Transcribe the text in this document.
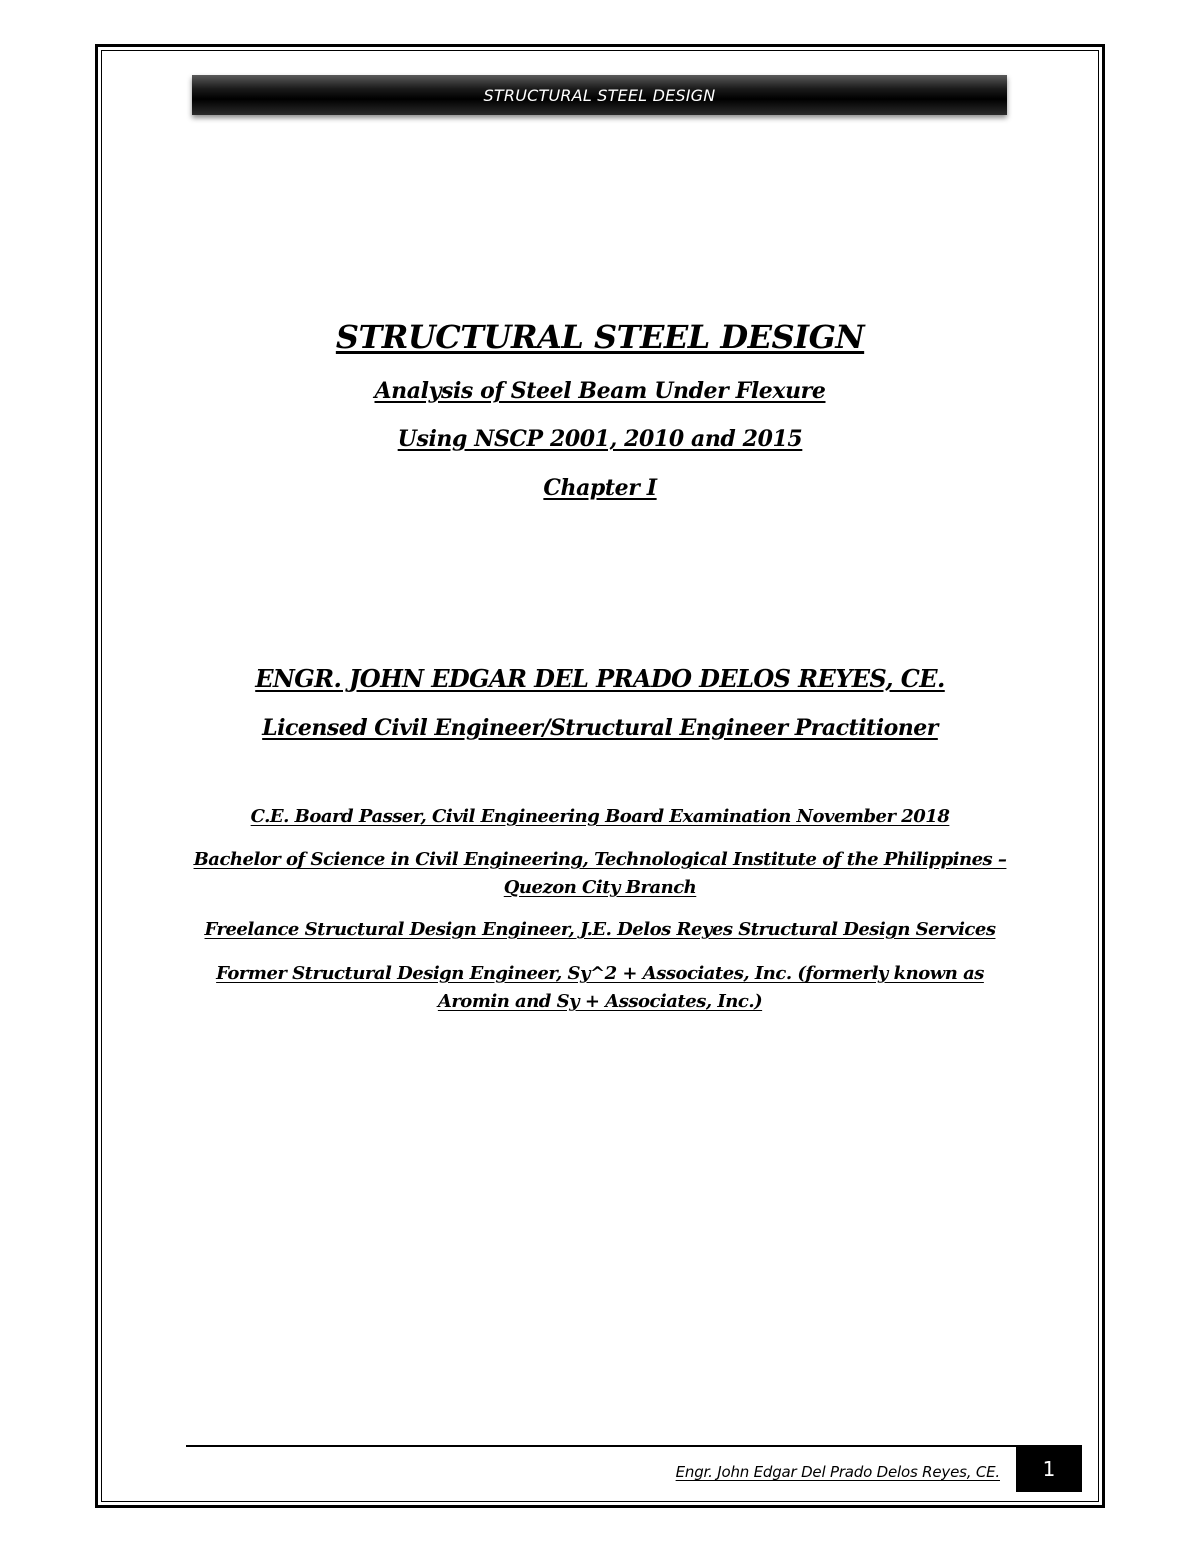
STRUCTURAL STEEL DESIGN
STRUCTURAL STEEL DESIGN
Analysis of Steel Beam Under Flexure
Using NSCP 2001, 2010 and 2015
Chapter I
ENGR. JOHN EDGAR DEL PRADO DELOS REYES, CE.
Licensed Civil Engineer/Structural Engineer Practitioner
C.E. Board Passer, Civil Engineering Board Examination November 2018
Bachelor of Science in Civil Engineering, Technological Institute of the Philippines –
Quezon City Branch
Freelance Structural Design Engineer, J.E. Delos Reyes Structural Design Services
Former Structural Design Engineer, Sy^2 + Associates, Inc. (formerly known as
Aromin and Sy + Associates, Inc.)
Engr. John Edgar Del Prado Delos Reyes, CE. 1
